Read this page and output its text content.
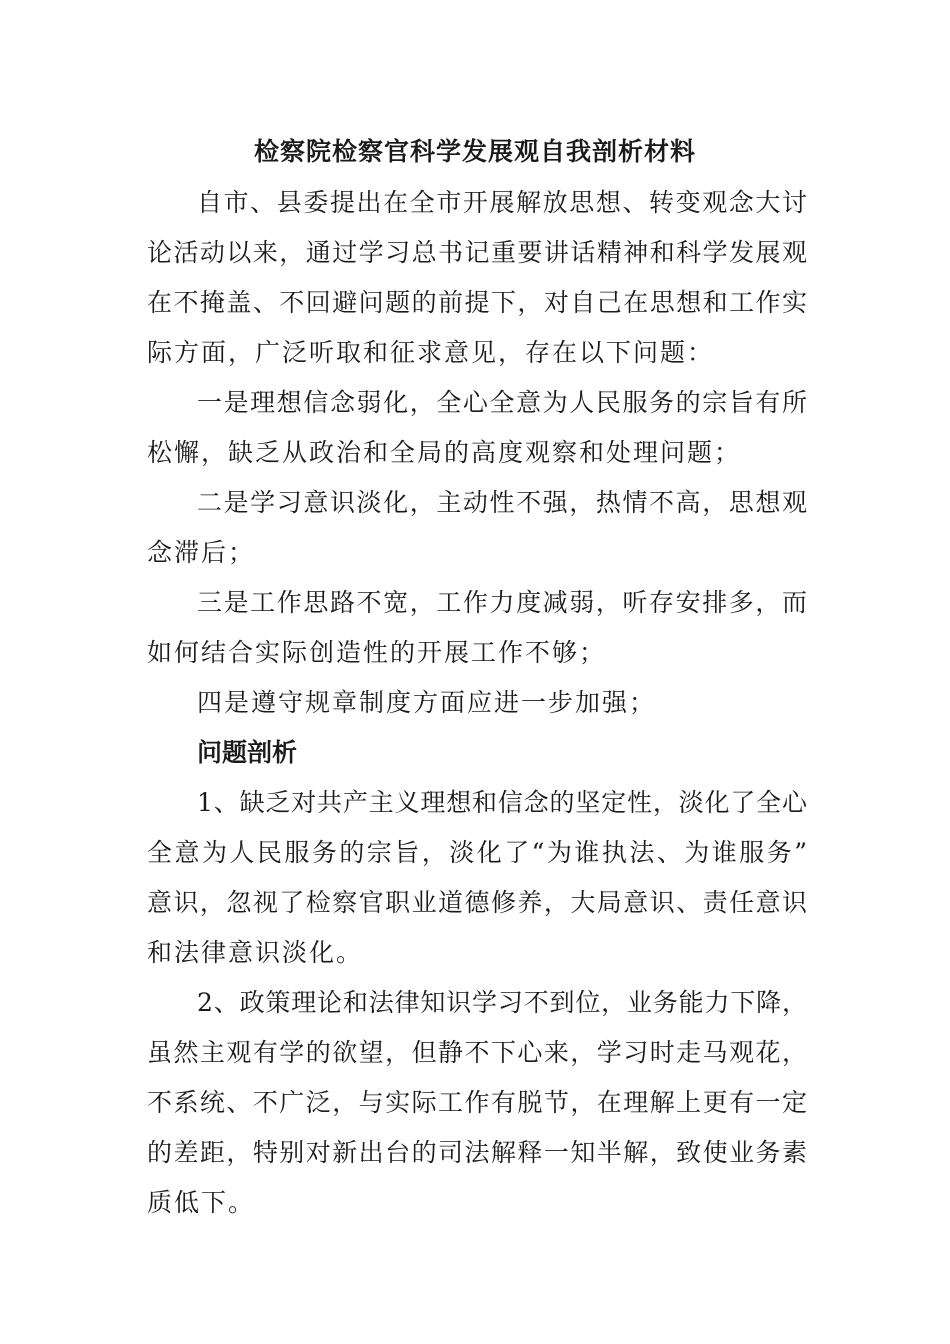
检察院检察官科学发展观自我剖析材料
自市、县委提出在全市开展解放思想、转变观念大讨
论活动以来，通过学习总书记重要讲话精神和科学发展观
在不掩盖、不回避问题的前提下，对自己在思想和工作实
际方面，广泛听取和征求意见，存在以下问题：
一是理想信念弱化，全心全意为人民服务的宗旨有所
松懈，缺乏从政治和全局的高度观察和处理问题；
二是学习意识淡化，主动性不强，热情不高，思想观
念滞后；
三是工作思路不宽，工作力度减弱，听存安排多，而
如何结合实际创造性的开展工作不够；
四是遵守规章制度方面应进一步加强；
问题剖析
1、缺乏对共产主义理想和信念的坚定性，淡化了全心
全意为人民服务的宗旨，淡化了“为谁执法、为谁服务”
意识，忽视了检察官职业道德修养，大局意识、责任意识
和法律意识淡化。
2、政策理论和法律知识学习不到位，业务能力下降，
虽然主观有学的欲望，但静不下心来，学习时走马观花，
不系统、不广泛，与实际工作有脱节，在理解上更有一定
的差距，特别对新出台的司法解释一知半解，致使业务素
质低下。
